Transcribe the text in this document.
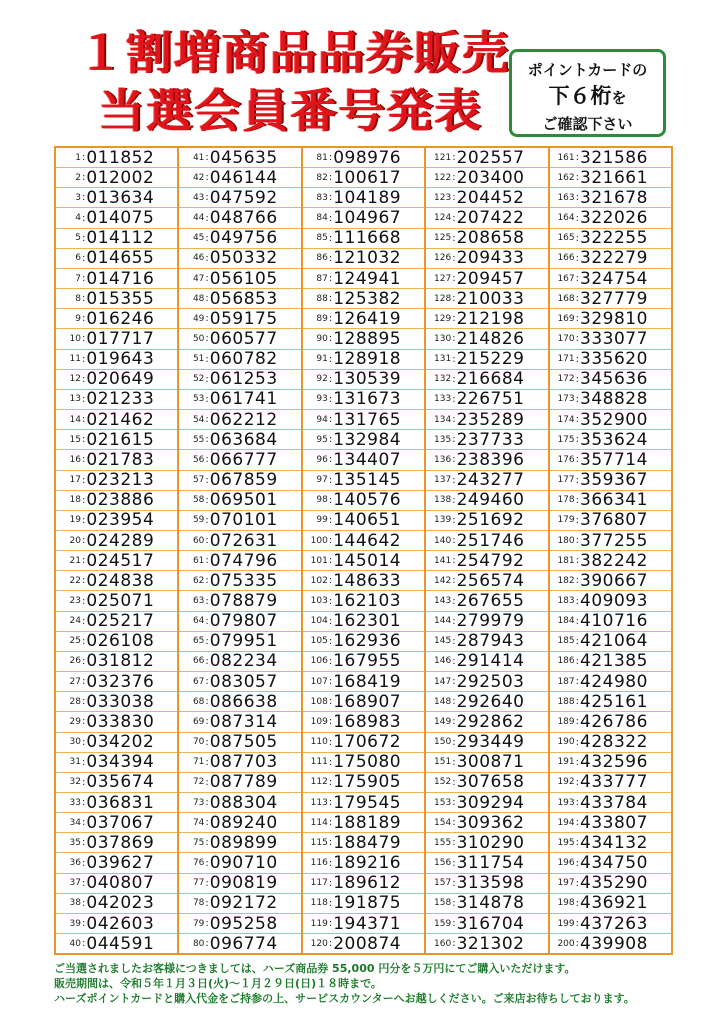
１割増商品品券販売
当選会員番号発表
ポイントカードの
下６桁を
ご確認下さい
1 : 011852
2 : 012002
3 : 013634
4 : 014075
5 : 014112
6 : 014655
7 : 014716
8 : 015355
9 : 016246
10 : 017717
11 : 019643
12 : 020649
13 : 021233
14 : 021462
15 : 021615
16 : 021783
17 : 023213
18 : 023886
19 : 023954
20 : 024289
21 : 024517
22 : 024838
23 : 025071
24 : 025217
25 : 026108
26 : 031812
27 : 032376
28 : 033038
29 : 033830
30 : 034202
31 : 034394
32 : 035674
33 : 036831
34 : 037067
35 : 037869
36 : 039627
37 : 040807
38 : 042023
39 : 042603
40 : 044591
41 : 045635
42 : 046144
43 : 047592
44 : 048766
45 : 049756
46 : 050332
47 : 056105
48 : 056853
49 : 059175
50 : 060577
51 : 060782
52 : 061253
53 : 061741
54 : 062212
55 : 063684
56 : 066777
57 : 067859
58 : 069501
59 : 070101
60 : 072631
61 : 074796
62 : 075335
63 : 078879
64 : 079807
65 : 079951
66 : 082234
67 : 083057
68 : 086638
69 : 087314
70 : 087505
71 : 087703
72 : 087789
73 : 088304
74 : 089240
75 : 089899
76 : 090710
77 : 090819
78 : 092172
79 : 095258
80 : 096774
81 : 098976
82 : 100617
83 : 104189
84 : 104967
85 : 111668
86 : 121032
87 : 124941
88 : 125382
89 : 126419
90 : 128895
91 : 128918
92 : 130539
93 : 131673
94 : 131765
95 : 132984
96 : 134407
97 : 135145
98 : 140576
99 : 140651
100 : 144642
101 : 145014
102 : 148633
103 : 162103
104 : 162301
105 : 162936
106 : 167955
107 : 168419
108 : 168907
109 : 168983
110 : 170672
111 : 175080
112 : 175905
113 : 179545
114 : 188189
115 : 188479
116 : 189216
117 : 189612
118 : 191875
119 : 194371
120 : 200874
121 : 202557
122 : 203400
123 : 204452
124 : 207422
125 : 208658
126 : 209433
127 : 209457
128 : 210033
129 : 212198
130 : 214826
131 : 215229
132 : 216684
133 : 226751
134 : 235289
135 : 237733
136 : 238396
137 : 243277
138 : 249460
139 : 251692
140 : 251746
141 : 254792
142 : 256574
143 : 267655
144 : 279979
145 : 287943
146 : 291414
147 : 292503
148 : 292640
149 : 292862
150 : 293449
151 : 300871
152 : 307658
153 : 309294
154 : 309362
155 : 310290
156 : 311754
157 : 313598
158 : 314878
159 : 316704
160 : 321302
161 : 321586
162 : 321661
163 : 321678
164 : 322026
165 : 322255
166 : 322279
167 : 324754
168 : 327779
169 : 329810
170 : 333077
171 : 335620
172 : 345636
173 : 348828
174 : 352900
175 : 353624
176 : 357714
177 : 359367
178 : 366341
179 : 376807
180 : 377255
181 : 382242
182 : 390667
183 : 409093
184 : 410716
185 : 421064
186 : 421385
187 : 424980
188 : 425161
189 : 426786
190 : 428322
191 : 432596
192 : 433777
193 : 433784
194 : 433807
195 : 434132
196 : 434750
197 : 435290
198 : 436921
199 : 437263
200 : 439908
ご当選されましたお客様につきましては、ハーズ商品券 55,000 円分を５万円にてご購入いただけます。
販売期間は、令和５年１月３日(火)～１月２９日(日)１８時まで。
ハーズポイントカードと購入代金をご持参の上、サービスカウンターへお越しください。ご来店お待ちしております。
